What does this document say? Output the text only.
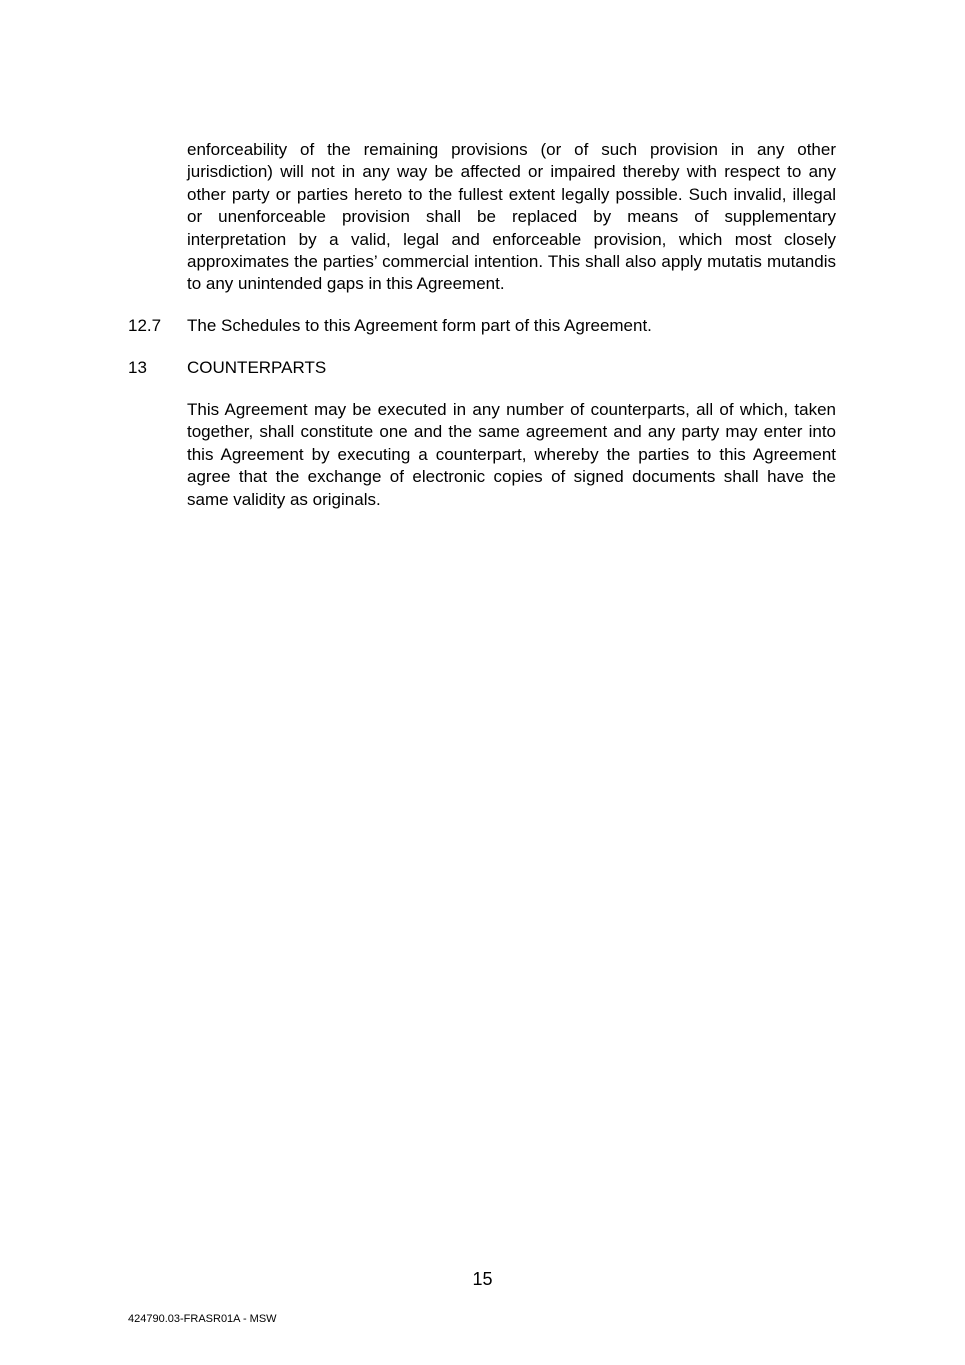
enforceability of the remaining provisions (or of such provision in any other jurisdiction) will not in any way be affected or impaired thereby with respect to any other party or parties hereto to the fullest extent legally possible. Such invalid, illegal or unenforceable provision shall be replaced by means of supplementary interpretation by a valid, legal and enforceable provision, which most closely approximates the parties’ commercial intention. This shall also apply mutatis mutandis to any unintended gaps in this Agreement.

12.7 The Schedules to this Agreement form part of this Agreement.
13 COUNTERPARTS

This Agreement may be executed in any number of counterparts, all of which, taken together, shall constitute one and the same agreement and any party may enter into this Agreement by executing a counterpart, whereby the parties to this Agreement agree that the exchange of electronic copies of signed documents shall have the same validity as originals.

15
424790.03-FRASR01A - MSW
